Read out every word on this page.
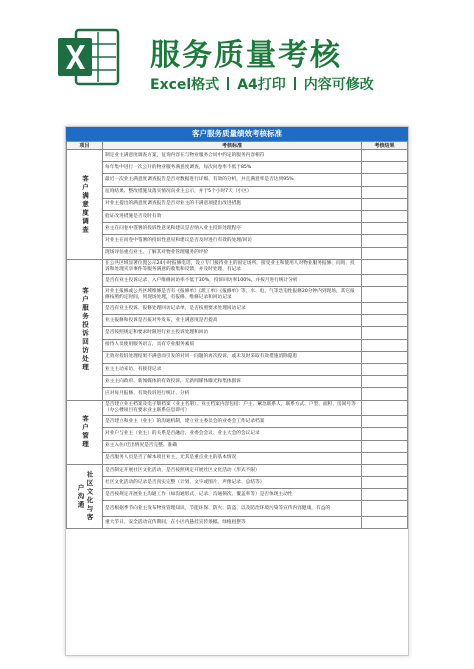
服务质量考核
Excel格式 A4打印 内容可修改
客户服务质量绩效考核标准
项目	考核标准	考核结果

客户满意度调查	制定业主满意度调查方案，征询内容在与物业服务合同中约定的服务内容相符	
	每年集中进行一次公开的物业服务满意度调查，每次问卷率不低于85%	
	最近一次业主满意度调查报告是否对数据进行详细、有效的分析，并且满意率是否达到95%	
	征询结果、整改措施及落实情况向业主公示，并于5个小时7天（小区）	
	对业主提出的满意度调查报告是否对业主的不满意项提出改进措施	
	验证改进措施是否及时有效	
	业主在问卷中签署的投诉性意见和建议是否纳入业主投诉处理程序	
	对业主在问卷中签署的投诉性意见和建议是否及时进行有效的处理/回访	
	现场评估重点业主，了解其对物业管理服务的评价	

客户服务投诉回访处理	在公共区域显著位置公示24小时报修电话，设立专门接待业主的固定场所，接受业主和使用人对物业服务报修、问询、投诉和处理夹享事件等服务满意的收集和反馈，并及时处理，有记录	
	是否有业主投诉记录，入户维修回访率不低于30%，投诉回访率100%，并按月进行统计分析	
	对业主报修或公共区域维修是否有《报修单》《派工单》《报修单》等，水、电、气等急迫性报修20分钟内到现场，其它报修按照约定时间，到现场处理，有报修、维修记录和回访记录	
	是否有业主投诉、报修处理回访记录单，是否按照要求处理回访记录	
	业主报修和投诉是否报对外发布，业主满意度是否提高	
	是否按照规定和要求时限进行业主投诉处理和回访	
	接待人员使用服务语言，具有专业服务素质	
	无效对投诉处理结果不满意而引发的对同一问题的再次投诉，或未及时采取有效措施消除隐患	
	业主主动来访，有接待记录	
	业主主向政府、新闻媒体的有效投诉，无新闻媒体曝光和集体群诉	
	应对每月报修、有效投诉进行统计、分析	

客户管理	是否建立业主档案及电子版档案（业主名册），业主档案内容包括：户主、紧急联系人、联系方式、户型、面积、房间号等（办公楼项目有要求业主联系信息即可）	
	是否建立和业主（业主）的沟通机制，建立业主委员会的业委会工作记录档案	
	对业户与业主（业主）的关系是否融洽，业委会会议、业主大会的会议记录	
	业主入住/迁出情况是否完整、准确	
	是否服务人员是否了解本项目业主，尤其是重点业主的基本情况	

社区文化与客户沟通	是否制定开展社区文化活动，是否按照规定开展社区文化活动（形式不限）	
	社区文化活动的记录是否真实完整（计划、文字或图片、声像记录、总结等）	
	是否按规定开展业主沟通工作（如沟通形式、记录、沟通频次、覆盖率等）是否体现主动性	
	是否根据季节向业主发布物业管理知识，节能环保、防火、防盗、以及防治环境污染等宣传内容健康，有益的	
	重大节日、安全活动宣传期间，在小区内悬挂宣传条幅、绿植租摆等	
